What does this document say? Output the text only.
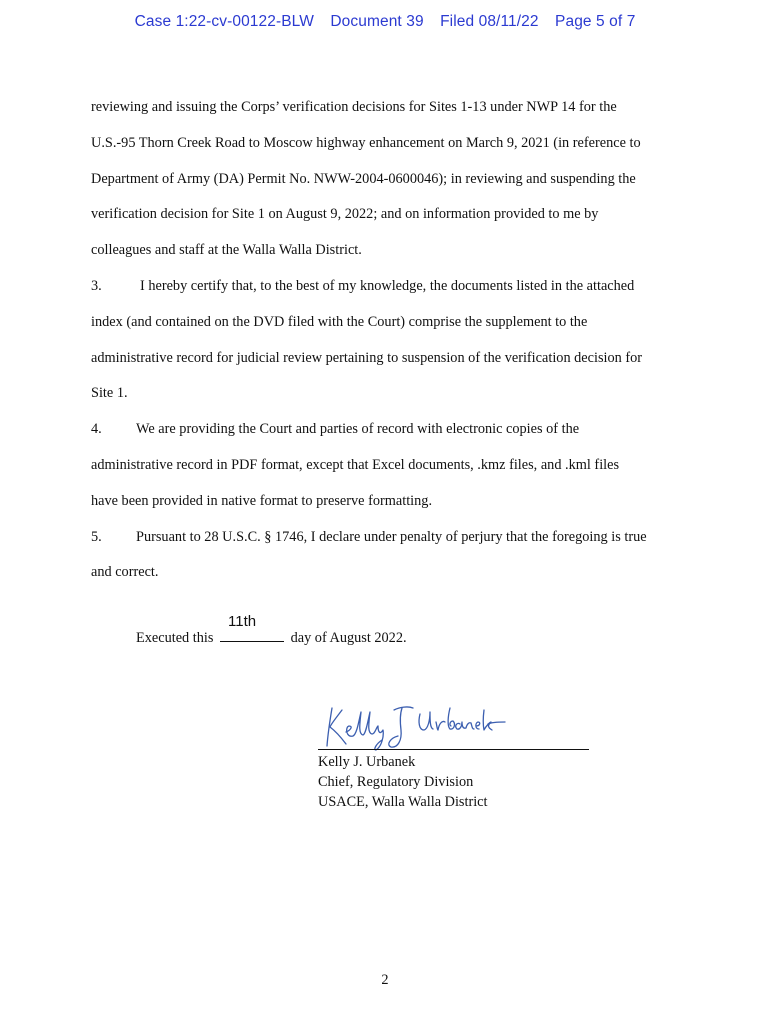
Case 1:22-cv-00122-BLW Document 39 Filed 08/11/22 Page 5 of 7
reviewing and issuing the Corps’ verification decisions for Sites 1-13 under NWP 14 for the
U.S.-95 Thorn Creek Road to Moscow highway enhancement on March 9, 2021 (in reference to
Department of Army (DA) Permit No. NWW-2004-0600046); in reviewing and suspending the
verification decision for Site 1 on August 9, 2022; and on information provided to me by
colleagues and staff at the Walla Walla District.
3.	I hereby certify that, to the best of my knowledge, the documents listed in the attached
index (and contained on the DVD filed with the Court) comprise the supplement to the
administrative record for judicial review pertaining to suspension of the verification decision for
Site 1.
4. We are providing the Court and parties of record with electronic copies of the
administrative record in PDF format, except that Excel documents, .kmz files, and .kml files
have been provided in native format to preserve formatting.
5. Pursuant to 28 U.S.C. § 1746, I declare under penalty of perjury that the foregoing is true
and correct.
Executed this
11th
day of August 2022.
Kelly J. Urbanek
Chief, Regulatory Division
USACE, Walla Walla District
2
